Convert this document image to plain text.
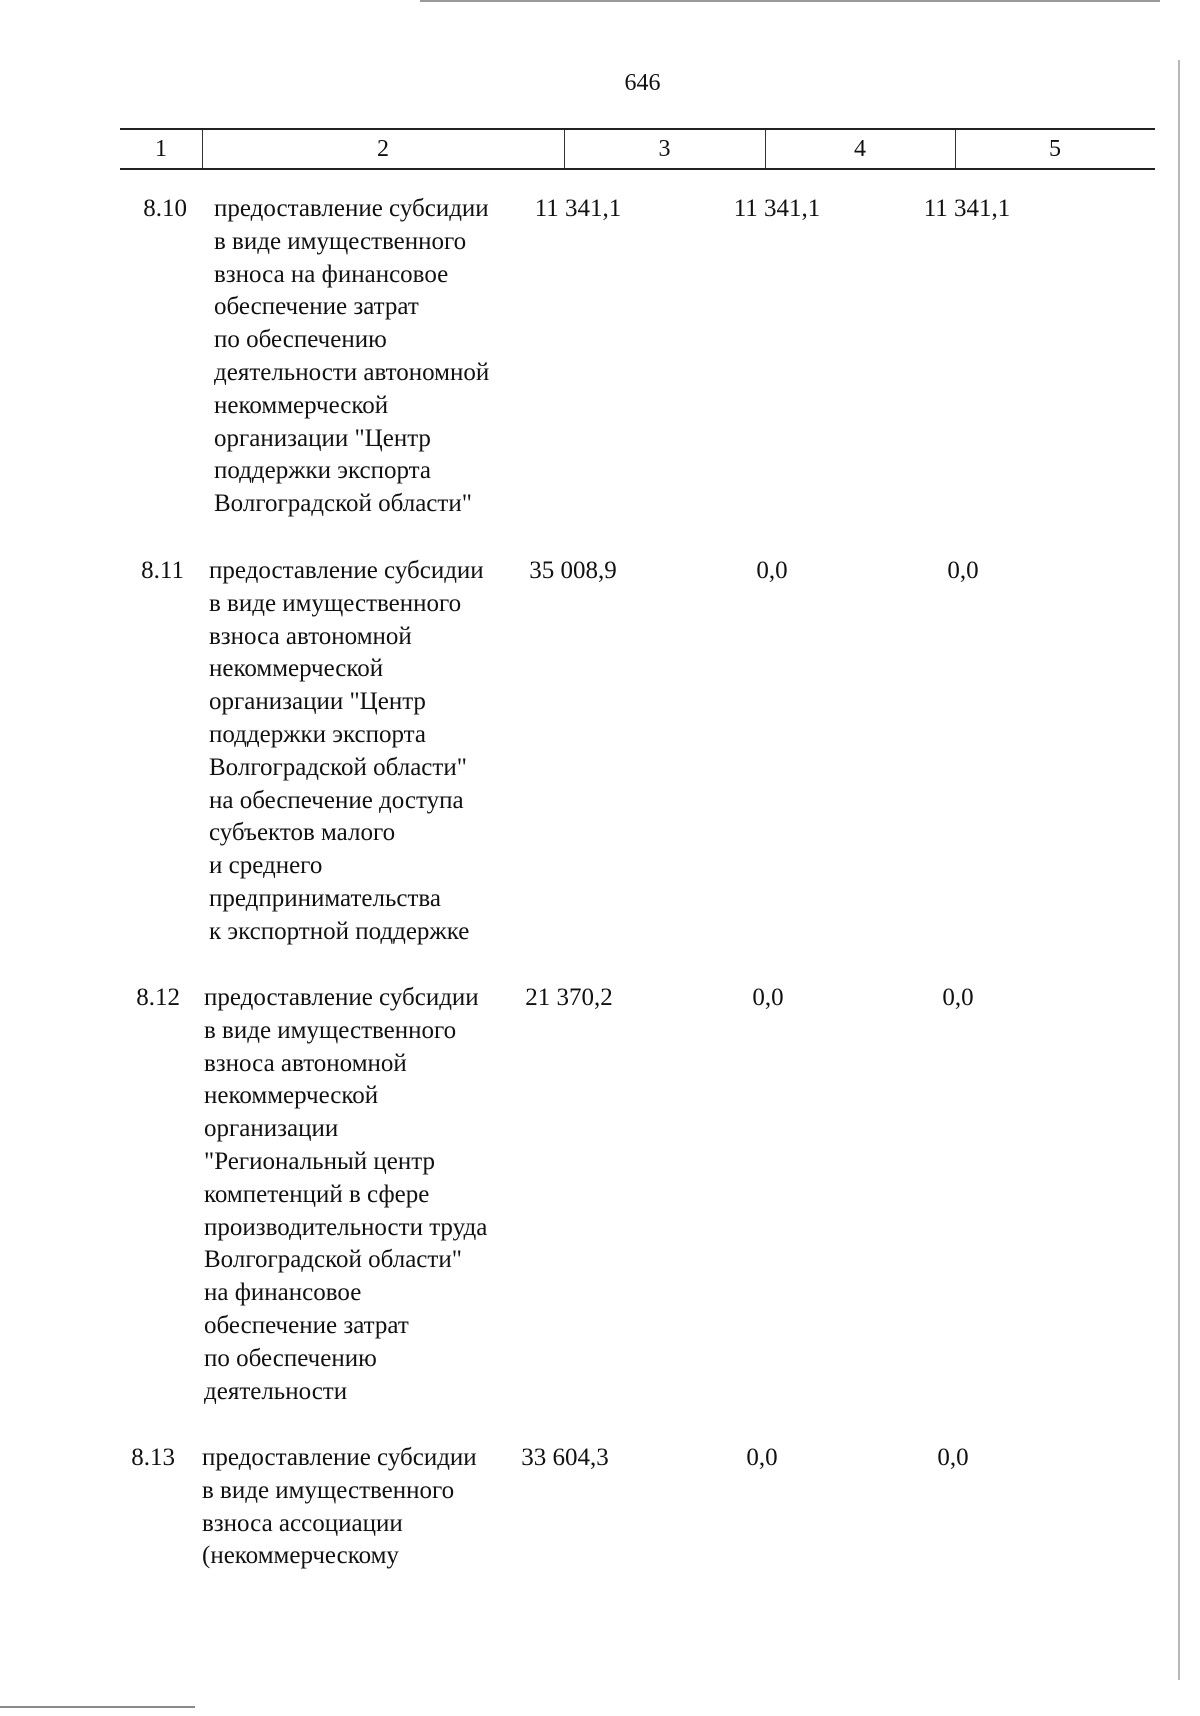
646
1	2	3	4	5
8.10 предоставление субсидии
в виде имущественного
взноса на финансовое
обеспечение затрат
по обеспечению
деятельности автономной
некоммерческой
организации "Центр
поддержки экспорта
Волгоградской области"
11 341,1	11 341,1	11 341,1
8.11 предоставление субсидии
в виде имущественного
взноса автономной
некоммерческой
организации "Центр
поддержки экспорта
Волгоградской области"
на обеспечение доступа
субъектов малого
и среднего
предпринимательства
к экспортной поддержке
35 008,9	0,0	0,0
8.12 предоставление субсидии
в виде имущественного
взноса автономной
некоммерческой
организации
"Региональный центр
компетенций в сфере
производительности труда
Волгоградской области"
на финансовое
обеспечение затрат
по обеспечению
деятельности
21 370,2	0,0	0,0
8.13 предоставление субсидии
в виде имущественного
взноса ассоциации
(некоммерческому
33 604,3	0,0	0,0
